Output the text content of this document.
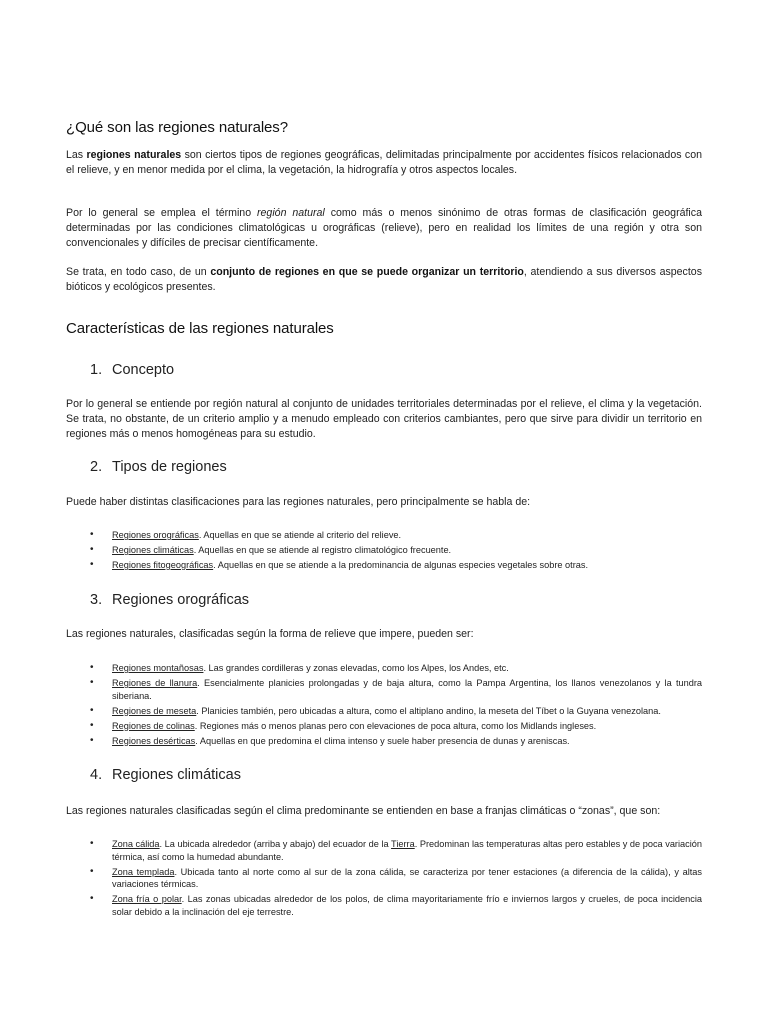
¿Qué son las regiones naturales?

Las regiones naturales son ciertos tipos de regiones geográficas, delimitadas principalmente por accidentes físicos relacionados con el relieve, y en menor medida por el clima, la vegetación, la hidrografía y otros aspectos locales.

Por lo general se emplea el término región natural como más o menos sinónimo de otras formas de clasificación geográfica determinadas por las condiciones climatológicas u orográficas (relieve), pero en realidad los límites de una región y otra son convencionales y difíciles de precisar científicamente.

Se trata, en todo caso, de un conjunto de regiones en que se puede organizar un territorio, atendiendo a sus diversos aspectos bióticos y ecológicos presentes.

Características de las regiones naturales
1. Concepto

Por lo general se entiende por región natural al conjunto de unidades territoriales determinadas por el relieve, el clima y la vegetación. Se trata, no obstante, de un criterio amplio y a menudo empleado con criterios cambiantes, pero que sirve para dividir un territorio en regiones más o menos homogéneas para su estudio.

2. Tipos de regiones

Puede haber distintas clasificaciones para las regiones naturales, pero principalmente se habla de:

• Regiones orográficas. Aquellas en que se atiende al criterio del relieve.
• Regiones climáticas. Aquellas en que se atiende al registro climatológico frecuente.
• Regiones fitogeográficas. Aquellas en que se atiende a la predominancia de algunas especies vegetales sobre otras.
3. Regiones orográficas

Las regiones naturales, clasificadas según la forma de relieve que impere, pueden ser:

• Regiones montañosas. Las grandes cordilleras y zonas elevadas, como los Alpes, los Andes, etc.
• Regiones de llanura. Esencialmente planicies prolongadas y de baja altura, como la Pampa Argentina, los llanos venezolanos y la tundra siberiana.
• Regiones de meseta. Planicies también, pero ubicadas a altura, como el altiplano andino, la meseta del Tíbet o la Guyana venezolana.
• Regiones de colinas. Regiones más o menos planas pero con elevaciones de poca altura, como los Midlands ingleses.
• Regiones desérticas. Aquellas en que predomina el clima intenso y suele haber presencia de dunas y areniscas.
4. Regiones climáticas

Las regiones naturales clasificadas según el clima predominante se entienden en base a franjas climáticas o “zonas”, que son:

• Zona cálida. La ubicada alrededor (arriba y abajo) del ecuador de la Tierra. Predominan las temperaturas altas pero estables y de poca variación térmica, así como la humedad abundante.
• Zona templada. Ubicada tanto al norte como al sur de la zona cálida, se caracteriza por tener estaciones (a diferencia de la cálida), y altas variaciones térmicas.
• Zona fría o polar. Las zonas ubicadas alrededor de los polos, de clima mayoritariamente frío e inviernos largos y crueles, de poca incidencia solar debido a la inclinación del eje terrestre.
